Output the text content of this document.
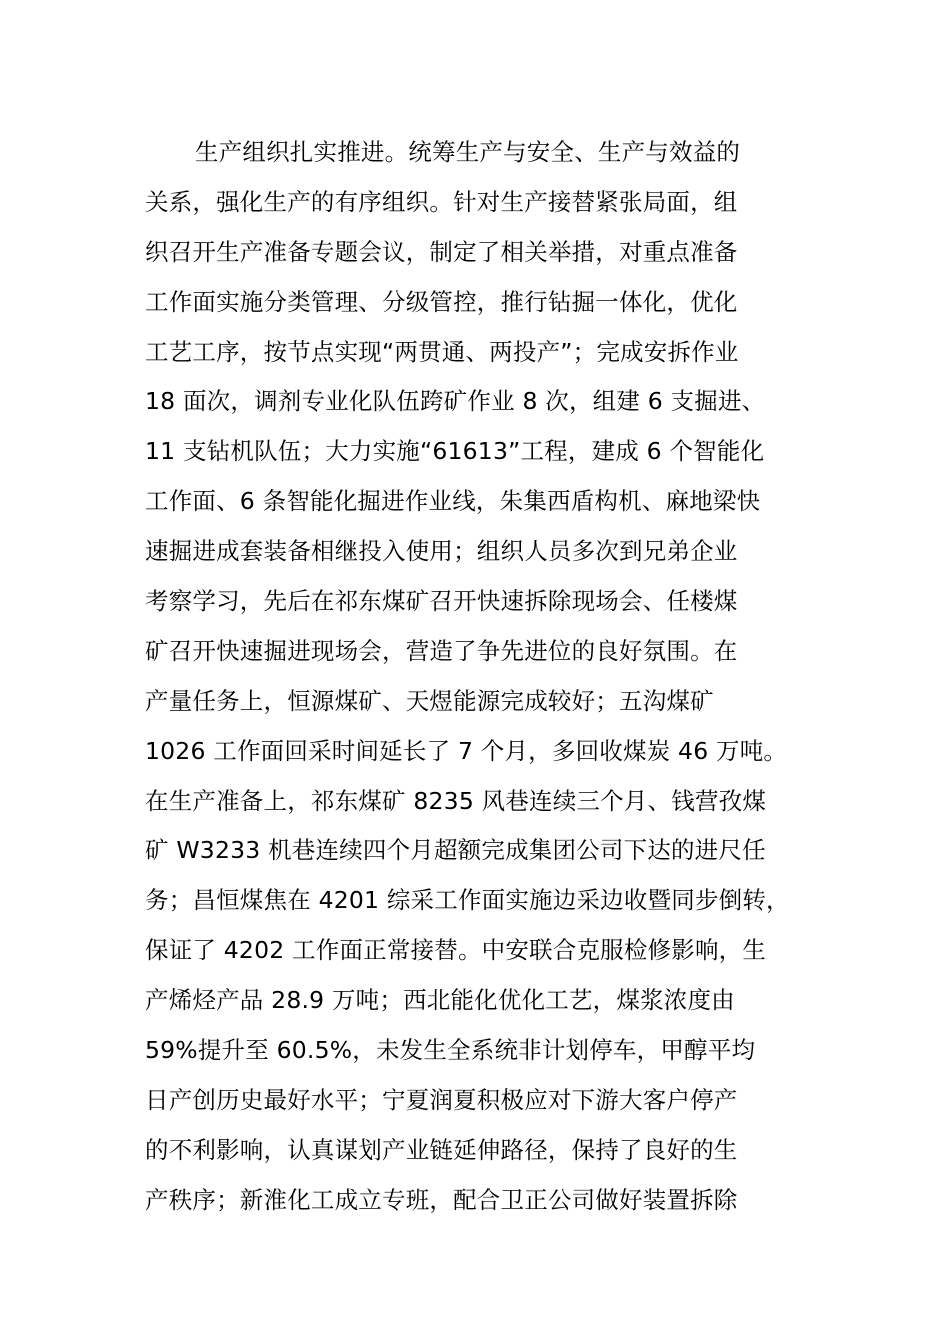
生产组织扎实推进。统筹生产与安全、生产与效益的
关系，强化生产的有序组织。针对生产接替紧张局面，组
织召开生产准备专题会议，制定了相关举措，对重点准备
工作面实施分类管理、分级管控，推行钻掘一体化，优化
工艺工序，按节点实现“两贯通、两投产”；完成安拆作业
18 面次，调剂专业化队伍跨矿作业 8 次，组建 6 支掘进、
11 支钻机队伍；大力实施“61613”工程，建成 6 个智能化
工作面、6 条智能化掘进作业线，朱集西盾构机、麻地梁快
速掘进成套装备相继投入使用；组织人员多次到兄弟企业
考察学习，先后在祁东煤矿召开快速拆除现场会、任楼煤
矿召开快速掘进现场会，营造了争先进位的良好氛围。在
产量任务上，恒源煤矿、天煜能源完成较好；五沟煤矿
1026 工作面回采时间延长了 7 个月，多回收煤炭 46 万吨。
在生产准备上，祁东煤矿 8235 风巷连续三个月、钱营孜煤
矿 W3233 机巷连续四个月超额完成集团公司下达的进尺任
务；昌恒煤焦在 4201 综采工作面实施边采边收暨同步倒转，
保证了 4202 工作面正常接替。中安联合克服检修影响，生
产烯烃产品 28.9 万吨；西北能化优化工艺，煤浆浓度由
59%提升至 60.5%，未发生全系统非计划停车，甲醇平均
日产创历史最好水平；宁夏润夏积极应对下游大客户停产
的不利影响，认真谋划产业链延伸路径，保持了良好的生
产秩序；新淮化工成立专班，配合卫正公司做好装置拆除
